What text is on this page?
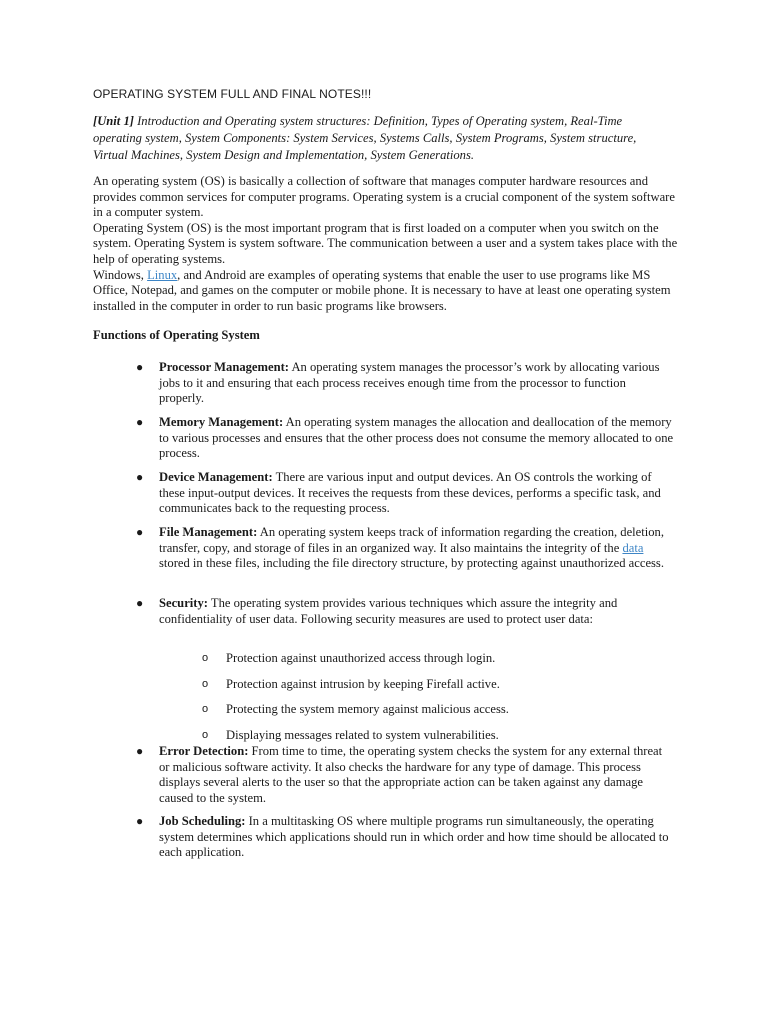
OPERATING SYSTEM FULL AND FINAL NOTES!!!

[Unit 1] Introduction and Operating system structures: Definition, Types of Operating system, Real-Time operating system, System Components: System Services, Systems Calls, System Programs, System structure, Virtual Machines, System Design and Implementation, System Generations.

An operating system (OS) is basically a collection of software that manages computer hardware resources and provides common services for computer programs. Operating system is a crucial component of the system software in a computer system.

Operating System (OS) is the most important program that is first loaded on a computer when you switch on the system. Operating System is system software. The communication between a user and a system takes place with the help of operating systems.

Windows, Linux, and Android are examples of operating systems that enable the user to use programs like MS Office, Notepad, and games on the computer or mobile phone. It is necessary to have at least one operating system installed in the computer in order to run basic programs like browsers.

Functions of Operating System
● Processor Management: An operating system manages the processor’s work by allocating various jobs to it and ensuring that each process receives enough time from the processor to function properly.
● Memory Management: An operating system manages the allocation and deallocation of the memory to various processes and ensures that the other process does not consume the memory allocated to one process.
● Device Management: There are various input and output devices. An OS controls the working of these input-output devices. It receives the requests from these devices, performs a specific task, and communicates back to the requesting process.
● File Management: An operating system keeps track of information regarding the creation, deletion, transfer, copy, and storage of files in an organized way. It also maintains the integrity of the data stored in these files, including the file directory structure, by protecting against unauthorized access.
● Security: The operating system provides various techniques which assure the integrity and confidentiality of user data. Following security measures are used to protect user data:
o Protection against unauthorized access through login.
o Protection against intrusion by keeping Firefall active.
o Protecting the system memory against malicious access.
o Displaying messages related to system vulnerabilities.
● Error Detection: From time to time, the operating system checks the system for any external threat or malicious software activity. It also checks the hardware for any type of damage. This process displays several alerts to the user so that the appropriate action can be taken against any damage caused to the system.
● Job Scheduling: In a multitasking OS where multiple programs run simultaneously, the operating system determines which applications should run in which order and how time should be allocated to each application.
